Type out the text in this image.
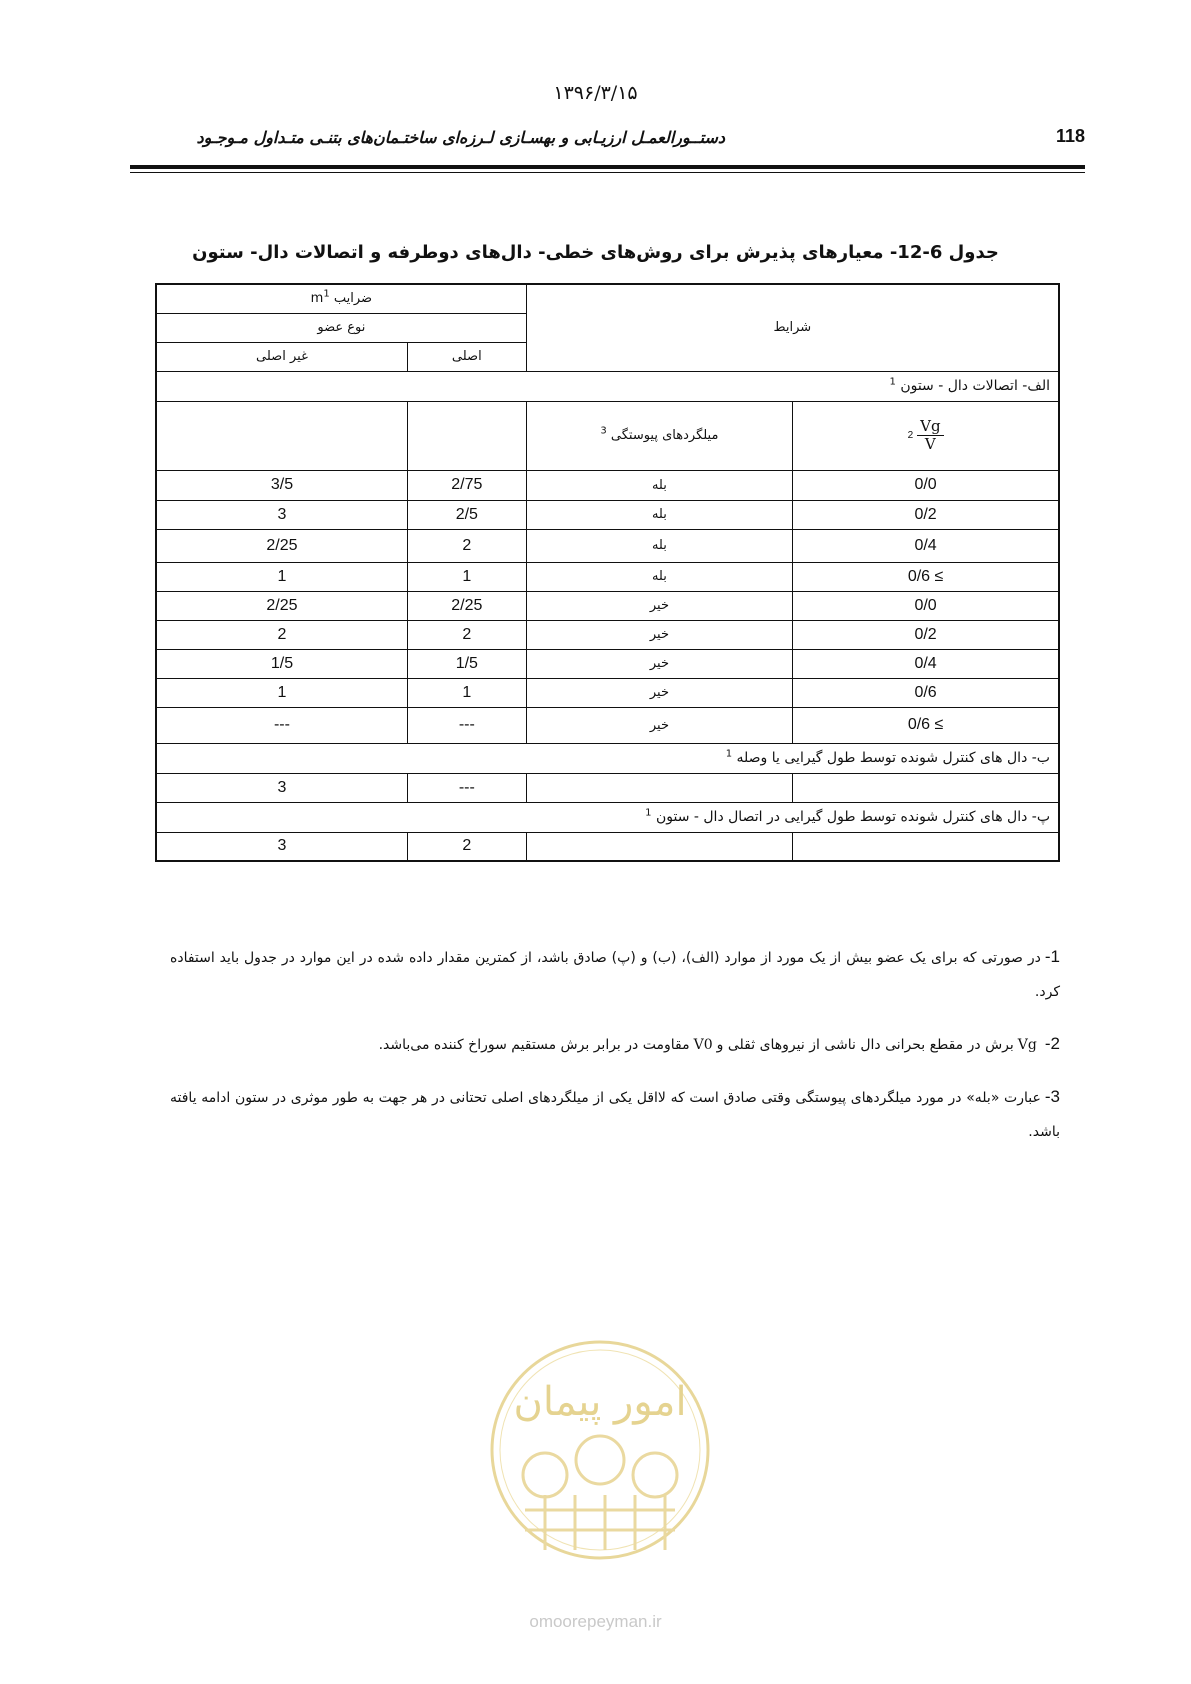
۱۳۹۶/۳/۱۵
118
دستــورالعمـل ارزیـابی و بهسـازی لـرزه‌ای ساختـمان‌های بتنـی متـداول مـوجـود
جدول 6-12- معیارهای پذیرش برای روش‌های خطی- دال‌های دوطرفه و اتصالات دال- ستون
شرایط		ضرایب $m^1$
		نوع عضو	
		اصلی	غیر اصلی
الف- اتصالات دال - ستون $^1$

$2 \frac{Vg}{V}$	میلگردهای پیوستگی $^3$		
0/0	بله	2/75	3/5
0/2	بله	2/5	3
0/4	بله	2	2/25
≥ 0/6	بله	1	1
0/0	خیر	2/25	2/25
0/2	خیر	2	2
0/4	خیر	1/5	1/5
0/6	خیر	1	1
≥ 0/6	خیر	---	---
ب- دال های کنترل شونده توسط طول گیرایی یا وصله $^1$
		---	3
پ- دال های کنترل شونده توسط طول گیرایی در اتصال دال - ستون $^1$
		2	3

1-در صورتی که برای یک عضو بیش از یک مورد از موارد (الف)، (ب) و (پ) صادق باشد، از کمترین مقدار داده شده در این موارد در جدول باید استفاده کرد.

2-Vgبرش در مقطع بحرانی دال ناشی از نیروهای ثقلی وV0مقاومت در برابر برش مستقیم سوراخ کننده می‌باشد.

3-عبارت «بله» در مورد میلگردهای پیوستگی وقتی صادق است که لااقل یکی از میلگردهای اصلی تحتانی در هر جهت به طور موثری در ستون ادامه یافته باشد.

امور پیمان
omoorepeyman.ir
